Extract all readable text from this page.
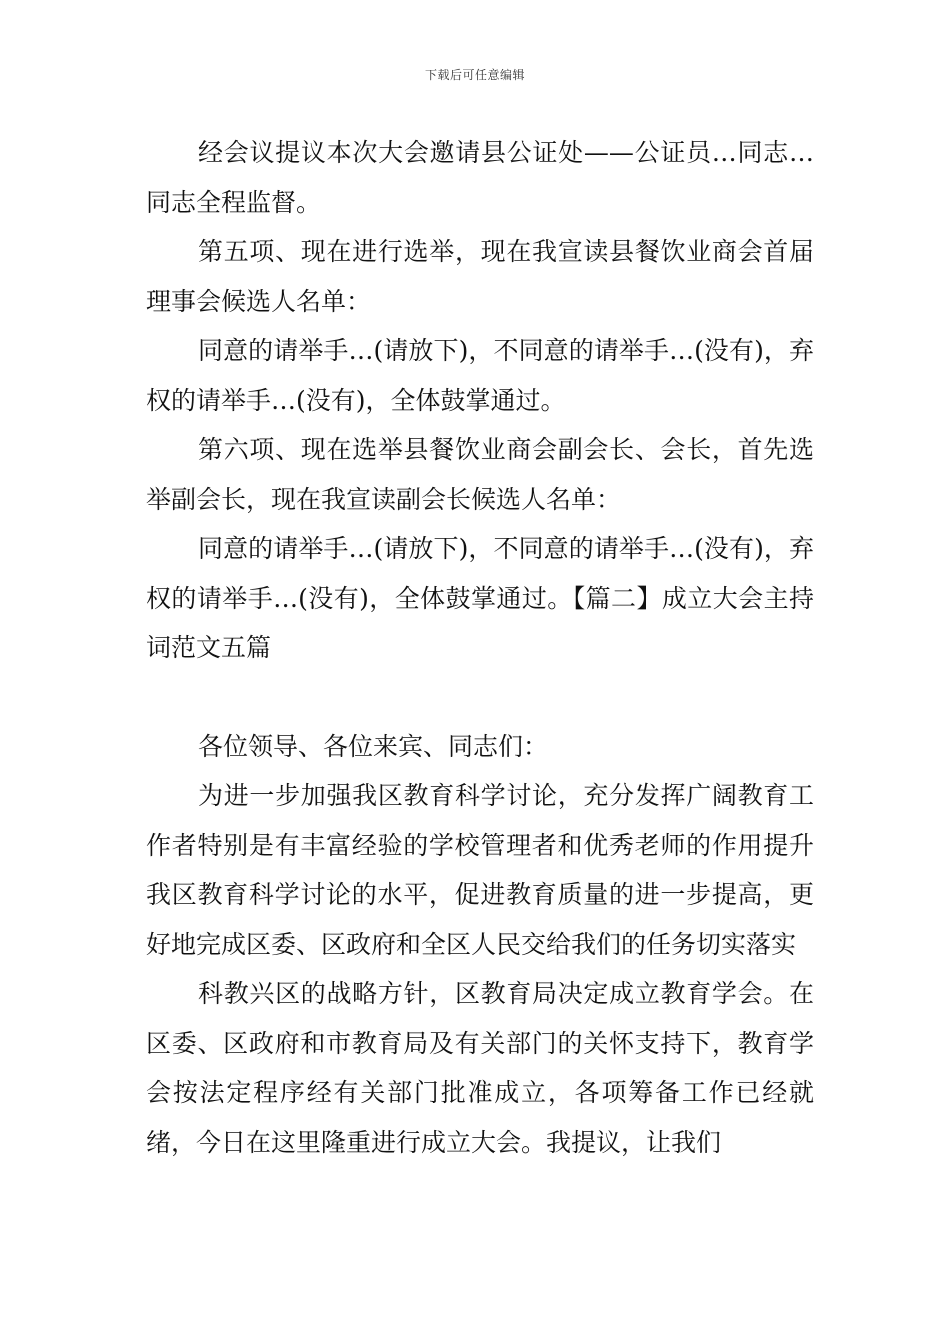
下载后可任意编辑

经会议提议本次大会邀请县公证处——公证员…同志…同志全程监督。

第五项、现在进行选举，现在我宣读县餐饮业商会首届理事会候选人名单：

同意的请举手…(请放下)，不同意的请举手…(没有)，弃权的请举手…(没有)，全体鼓掌通过。

第六项、现在选举县餐饮业商会副会长、会长，首先选举副会长，现在我宣读副会长候选人名单：

同意的请举手…(请放下)，不同意的请举手…(没有)，弃权的请举手…(没有)，全体鼓掌通过。【篇二】成立大会主持词范文五篇

各位领导、各位来宾、同志们：

为进一步加强我区教育科学讨论，充分发挥广阔教育工作者特别是有丰富经验的学校管理者和优秀老师的作用提升我区教育科学讨论的水平，促进教育质量的进一步提高，更好地完成区委、区政府和全区人民交给我们的任务切实落实

科教兴区的战略方针，区教育局决定成立教育学会。在区委、区政府和市教育局及有关部门的关怀支持下，教育学会按法定程序经有关部门批准成立，各项筹备工作已经就绪，今日在这里隆重进行成立大会。我提议，让我们
